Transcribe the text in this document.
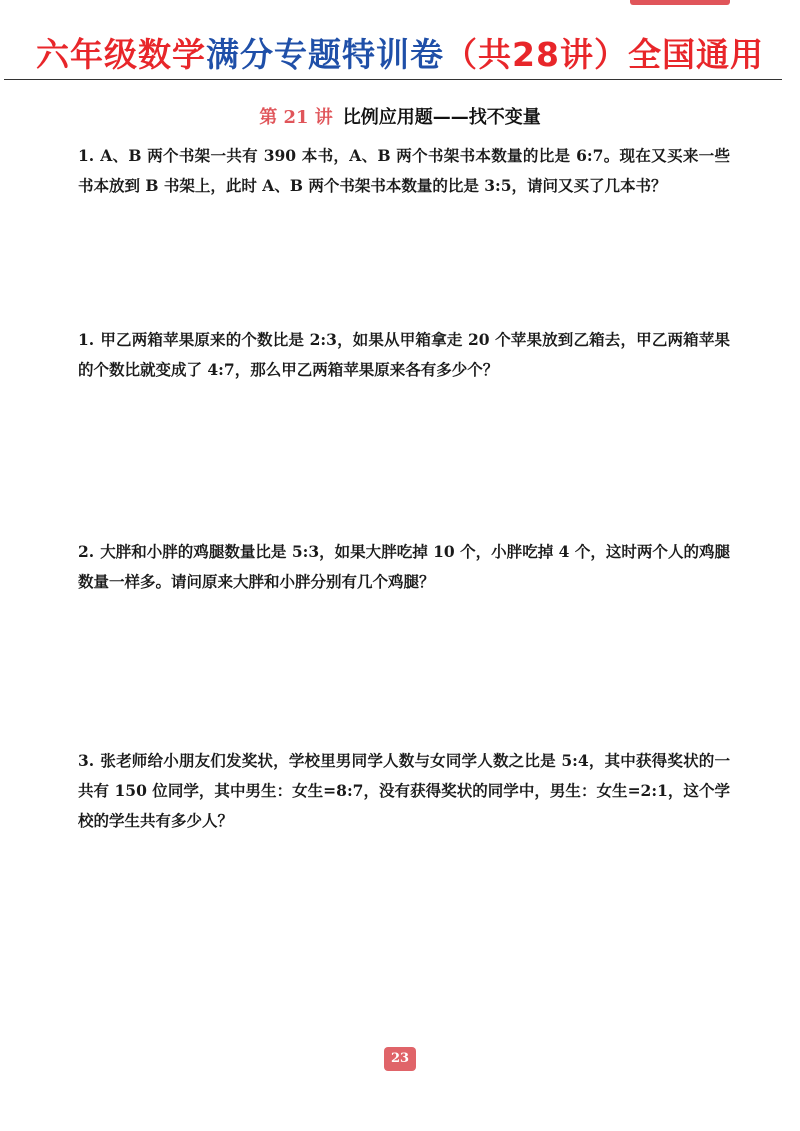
六年级数学满分专题特训卷（共28讲）全国通用
第 21 讲 比例应用题——找不变量
1. A、B 两个书架一共有 390 本书，A、B 两个书架书本数量的比是 6:7。现在又买来一些书本放到 B 书架上，此时 A、B 两个书架书本数量的比是 3:5，请问又买了几本书？
1. 甲乙两箱苹果原来的个数比是 2:3，如果从甲箱拿走 20 个苹果放到乙箱去，甲乙两箱苹果的个数比就变成了 4:7，那么甲乙两箱苹果原来各有多少个？
2. 大胖和小胖的鸡腿数量比是 5:3，如果大胖吃掉 10 个，小胖吃掉 4 个，这时两个人的鸡腿数量一样多。请问原来大胖和小胖分别有几个鸡腿？
3. 张老师给小朋友们发奖状，学校里男同学人数与女同学人数之比是 5:4，其中获得奖状的一共有 150 位同学，其中男生：女生=8:7，没有获得奖状的同学中，男生：女生=2:1，这个学校的学生共有多少人？
23
